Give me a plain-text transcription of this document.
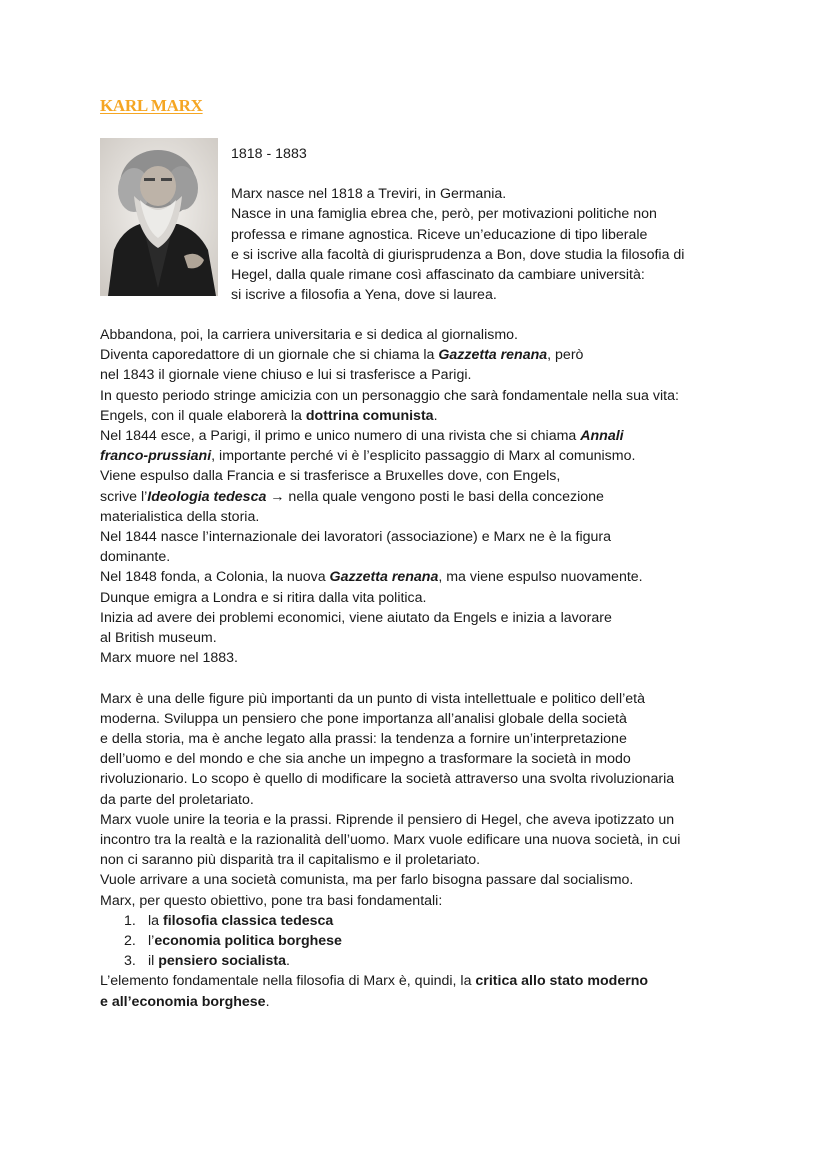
KARL MARX

1818 - 1883

Marx nasce nel 1818 a Treviri, in Germania.
Nasce in una famiglia ebrea che, però, per motivazioni politiche non
professa e rimane agnostica. Riceve un’educazione di tipo liberale
e si iscrive alla facoltà di giurisprudenza a Bon, dove studia la filosofia di
Hegel, dalla quale rimane così affascinato da cambiare università:
si iscrive a filosofia a Yena, dove si laurea.

Abbandona, poi, la carriera universitaria e si dedica al giornalismo.
Diventa caporedattore di un giornale che si chiama la Gazzetta renana, però
nel 1843 il giornale viene chiuso e lui si trasferisce a Parigi.
In questo periodo stringe amicizia con un personaggio che sarà fondamentale nella sua vita:
Engels, con il quale elaborerà la dottrina comunista.
Nel 1844 esce, a Parigi, il primo e unico numero di una rivista che si chiama Annali
franco-prussiani, importante perché vi è l’esplicito passaggio di Marx al comunismo.
Viene espulso dalla Francia e si trasferisce a Bruxelles dove, con Engels,
scrive l’Ideologia tedesca → nella quale vengono posti le basi della concezione
materialistica della storia.
Nel 1844 nasce l’internazionale dei lavoratori (associazione) e Marx ne è la figura
dominante.
Nel 1848 fonda, a Colonia, la nuova Gazzetta renana, ma viene espulso nuovamente.
Dunque emigra a Londra e si ritira dalla vita politica.
Inizia ad avere dei problemi economici, viene aiutato da Engels e inizia a lavorare
al British museum.
Marx muore nel 1883.
Marx è una delle figure più importanti da un punto di vista intellettuale e politico dell’età
moderna. Sviluppa un pensiero che pone importanza all’analisi globale della società
e della storia, ma è anche legato alla prassi: la tendenza a fornire un’interpretazione
dell’uomo e del mondo e che sia anche un impegno a trasformare la società in modo
rivoluzionario. Lo scopo è quello di modificare la società attraverso una svolta rivoluzionaria
da parte del proletariato.
Marx vuole unire la teoria e la prassi. Riprende il pensiero di Hegel, che aveva ipotizzato un
incontro tra la realtà e la razionalità dell’uomo. Marx vuole edificare una nuova società, in cui
non ci saranno più disparità tra il capitalismo e il proletariato.
Vuole arrivare a una società comunista, ma per farlo bisogna passare dal socialismo.
Marx, per questo obiettivo, pone tra basi fondamentali:
1. la filosofia classica tedesca
2. l’economia politica borghese
3. il pensiero socialista.
L’elemento fondamentale nella filosofia di Marx è, quindi, la critica allo stato moderno
e all’economia borghese.
